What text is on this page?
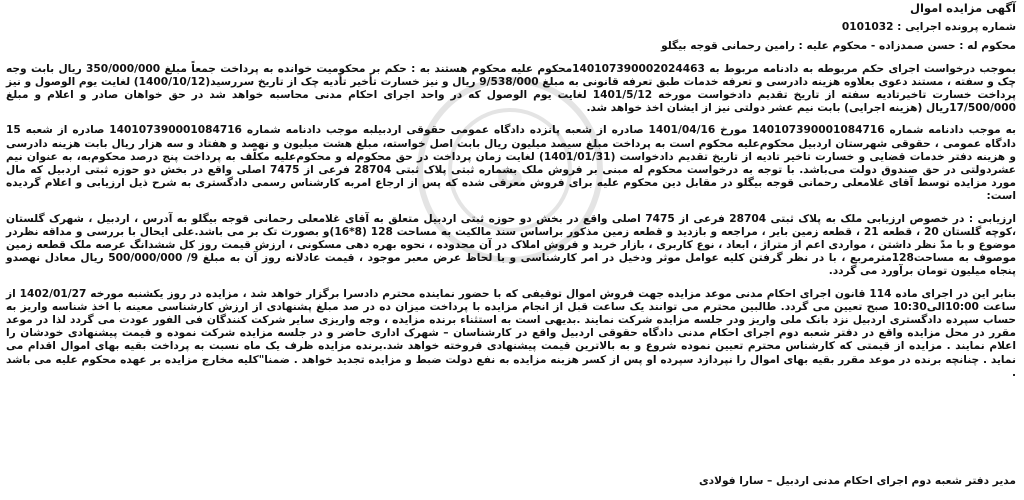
ه
آگهی مزایده اموال
شماره پرونده اجرایی : 0101032
محکوم له : حسن صمدزاده - محکوم علیه : رامین رحمانی قوجه بیگلو
بموجب درخواست اجرای حکم مربوطه به دادنامه مربوط به 140107390002024463محکوم علیه محکوم هستند به : حکم بر محکومیت خوانده به پرداخت جمعاً مبلغ 350/000/000 ریال بابت وجه چک و سفته ، مستند دعوی بعلاوه هزینه دادرسی و تعرفه خدمات طبق تعرفه قانونی به مبلغ 9/538/000 ریال و نیز خسارت تأخیر تأدیه چک از تاریخ سررسید(1400/10/12) لغایت یوم الوصول و نیز پرداخت خسارت تاخیرتادیه سفته از تاریخ تقدیم دادخواست مورخه 1401/5/12 لغایت یوم الوصول که در واحد اجرای احکام مدنی محاسبه خواهد شد در حق خواهان صادر و اعلام و مبلغ 17/500/000ریال (هزینه اجرایی) بابت نیم عشر دولتی نیز از ایشان اخذ خواهد شد.
به موجب دادنامه شماره 140107390001084716 مورخ 1401/04/16 صادره از شعبه پانزده دادگاه عمومی حقوقی اردبیلبه موجب دادنامه شماره 140107390001084716 صادره از شعبه 15 دادگاه عمومی ، حقوقی شهرستان اردبیل محکوم‌علیه محکوم است به پرداخت مبلغ سیصد میلیون ریال بابت اصل خواسته، مبلغ هشت میلیون و نهصد و هفتاد و سه هزار ریال بابت هزینه دادرسی و هزینه دفتر خدمات قضایی و خسارت تاخیر تادیه از تاریخ تقدیم دادخواست (1401/01/31) لغایت زمان پرداخت در حق محکوم‌له و محکوم‌علیه مکلّف به پرداخت پنج درصد محکوم‌به، به عنوان نیم عشردولتی در حق صندوق دولت می‌باشد. با توجه به درخواست محکوم له مبنی بر فروش ملک بشماره ثبتی پلاک ثبتی 28704 فرعی از 7475 اصلی واقع در بخش دو حوزه ثبتی اردبیل که مال مورد مزایده توسط آقای غلامعلی رحمانی قوجه بیگلو در مقابل دین محکوم علیه برای فروش معرفی شده که پس از ارجاع امربه کارشناس رسمی دادگستری به شرح ذیل ارزیابی و اعلام گردیده است:
ارزیابی : در خصوص ارزیابی ملک به پلاک ثبتی 28704 فرعی از 7475 اصلی واقع در بخش دو حوزه ثبتی اردبیل متعلق به آقای غلامعلی رحمانی قوجه بیگلو به آدرس ، اردبیل ، شهرک گلستان ،کوچه گلستان 20 ، قطعه 21 ، قطعه زمین بایر ، مراجعه و بازدید و قطعه زمین مذکور براساس سند مالکیت به مساحت 128 (8*16)و بصورت تک بر می باشد.علی ایحال با بررسی و مداقه نظردر موضوع و با مدّ نظر داشتن ، مواردی اعم از متراژ ، ابعاد ، نوع کاربری ، بازار خرید و فروش املاک در آن محدوده ، نحوه بهره دهی مسکونی ، ارزش قیمت روز کل ششدانگ عرصه ملک قطعه زمین موصوف به مساحت128مترمربع ، با در نظر گرفتن کلیه عوامل موثر ودخیل در امر کارشناسی و با لحاظ عرض معبر موجود ، قیمت عادلانه روز آن به مبلغ 9/ 500/000/000 ریال معادل نهصدو پنجاه میلیون تومان برآورد می گردد.
بنابر این در اجرای ماده 114 قانون اجرای احکام مدنی موعد مزایده جهت فروش اموال توقیفی که با حضور نماینده محترم دادسرا برگزار خواهد شد ، مزایده در روز یکشنبه مورخه 1402/01/27 از ساعت 10:00الی10:30 صبح تعیین می گردد. طالبین محترم می توانند یک ساعت قبل از انجام مزایده با پرداخت میزان ده در صد مبلغ پشنهادی از ارزش کارشناسی معینه با اخذ شناسه واریز به حساب سپرده دادگستری اردبیل نزد بانک ملی واریز ودر جلسه مزایده شرکت نمایند .بدیهی است به استثناء برنده مزایده ، وجه واریزی سایر شرکت کنندگان فی الفور عودت می گردد لذا در موعد مقرر در محل مزایده واقع در دفتر شعبه دوم اجرای احکام مدنی دادگاه حقوقی اردبیل واقع در کارشناسان – شهرک اداری حاضر و در جلسه مزایده شرکت نموده و قیمت پیشنهادی خودشان را اعلام نمایند . مزایده از قیمتی که کارشناس محترم تعیین نموده شروع و به بالاترین قیمت پیشنهادی فروخته خواهد شد.برنده مزایده ظرف یک ماه نسبت به پرداخت بقیه بهای اموال اقدام می نماید . چنانچه برنده در موعد مقرر بقیه بهای اموال را نپردازد سپرده او پس از کسر هزینه مزایده به نفع دولت ضبط و مزایده تجدید خواهد . ضمنا"کلیه مخارج مزایده بر عهده محکوم علیه می باشد .
مدیر دفتر شعبه دوم اجرای احکام مدنی اردبیل – سارا فولادی
